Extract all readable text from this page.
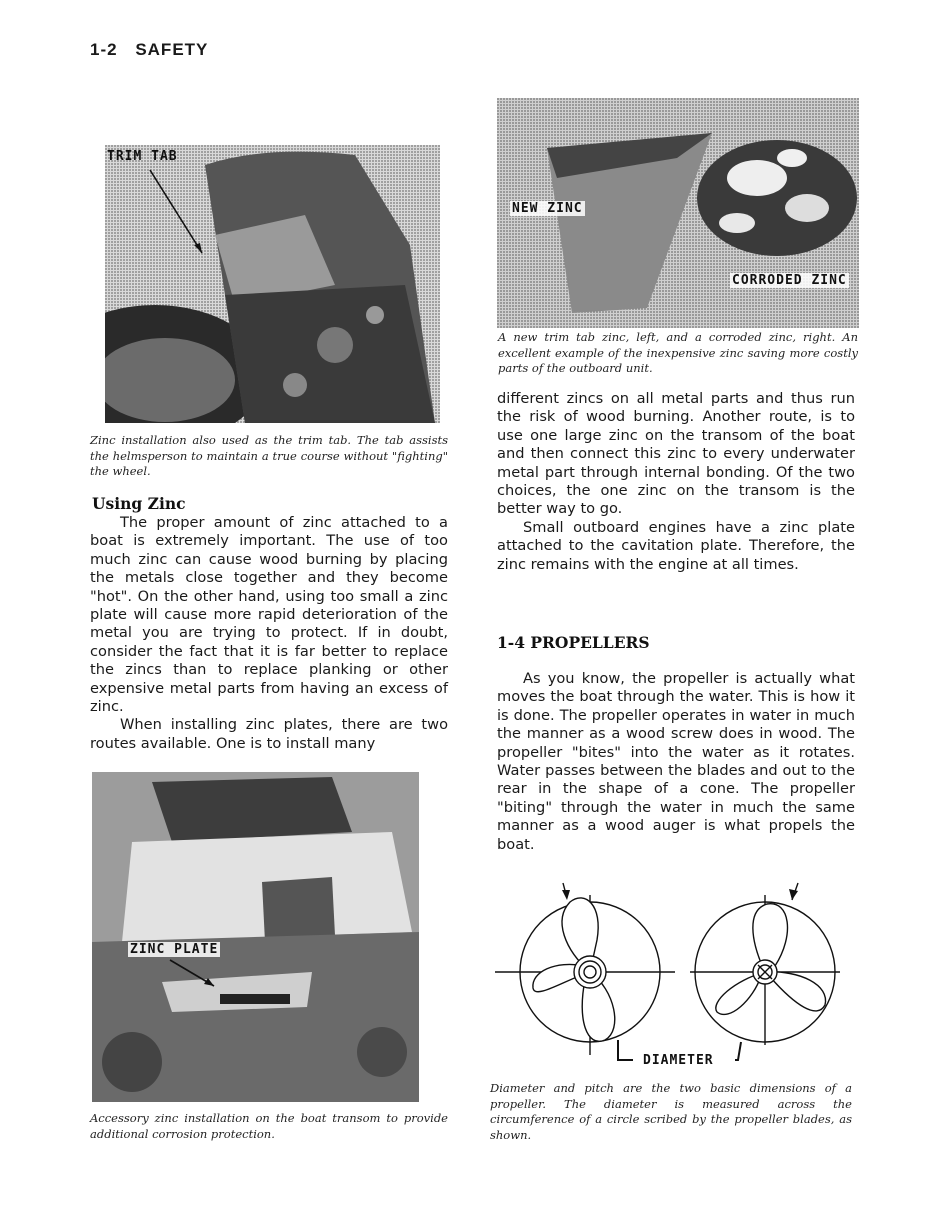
1-2 SAFETY
TRIM TAB
Zinc installation also used as the trim tab. The tab assists the helmsperson to maintain a true course without "fighting" the wheel.
NEW ZINC
CORRODED ZINC
A new trim tab zinc, left, and a corroded zinc, right. An excellent example of the inexpensive zinc saving more costly parts of the outboard unit.
Using Zinc

The proper amount of zinc attached to a boat is extremely important. The use of too much zinc can cause wood burning by placing the metals close together and they become "hot". On the other hand, using too small a zinc plate will cause more rapid deterioration of the metal you are trying to protect. If in doubt, consider the fact that it is far better to replace the zincs than to replace planking or other expensive metal parts from having an excess of zinc.

When installing zinc plates, there are two routes available. One is to install many

ZINC PLATE
Accessory zinc installation on the boat transom to provide additional corrosion protection.

different zincs on all metal parts and thus run the risk of wood burning. Another route, is to use one large zinc on the transom of the boat and then connect this zinc to every underwater metal part through internal bonding. Of the two choices, the one zinc on the transom is the better way to go.

Small outboard engines have a zinc plate attached to the cavitation plate. Therefore, the zinc remains with the engine at all times.

1-4 PROPELLERS

As you know, the propeller is actually what moves the boat through the water. This is how it is done. The propeller operates in water in much the manner as a wood screw does in wood. The propeller "bites" into the water as it rotates. Water passes between the blades and out to the rear in the shape of a cone. The propeller "biting" through the water in much the same manner as a wood auger is what propels the boat.

DIAMETER
Diameter and pitch are the two basic dimensions of a propeller. The diameter is measured across the circumference of a circle scribed by the propeller blades, as shown.
